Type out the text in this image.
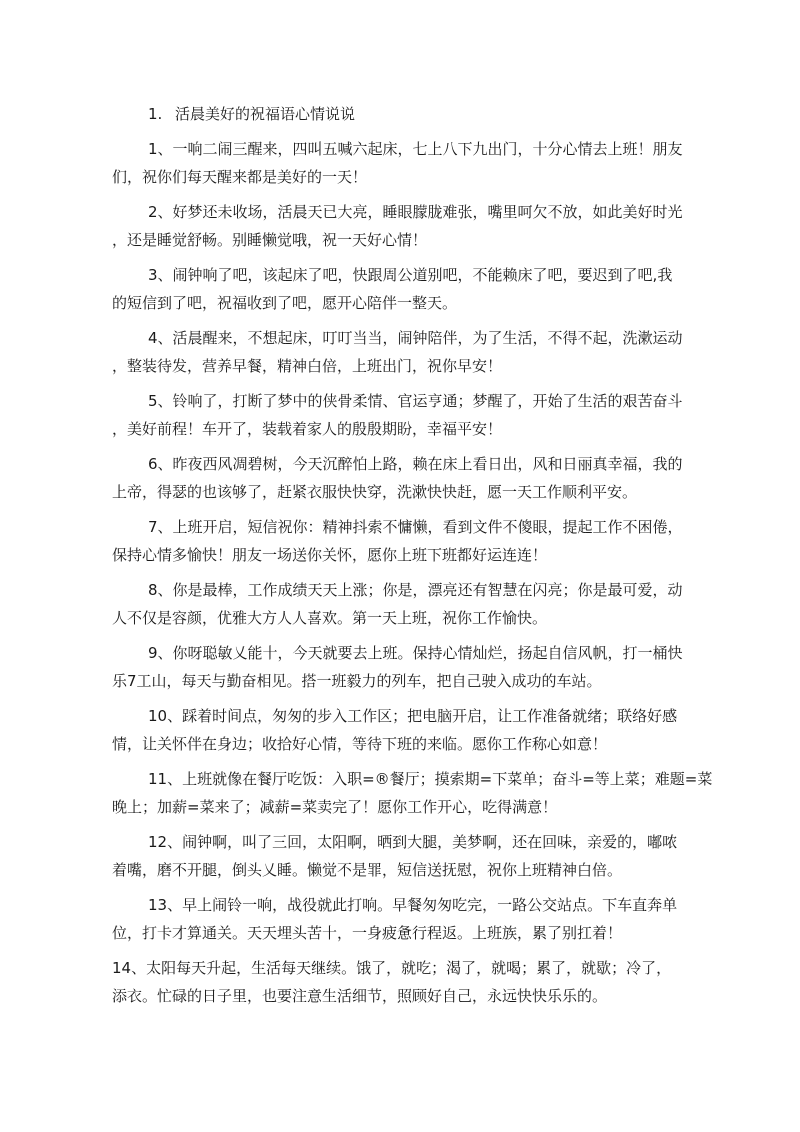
1. 活晨美好的祝福语心情说说
1、一响二闹三醒来，四叫五喊六起床，七上八下九出门，十分心情去上班！朋友
们，祝你们每天醒来都是美好的一天！
2、好梦还未收场，活晨天已大亮，睡眼朦胧难张，嘴里呵欠不放，如此美好时光
，还是睡觉舒畅。别睡懒觉哦，祝一天好心情！
3、闹钟响了吧，该起床了吧，快跟周公道别吧，不能赖床了吧，要迟到了吧,我
的短信到了吧，祝福收到了吧，愿开心陪伴一整天。
4、活晨醒来，不想起床，叮叮当当，闹钟陪伴，为了生活，不得不起，洗漱运动
，整装待发，营养早餐，精神白倍，上班出门，祝你早安！
5、铃响了，打断了梦中的侠骨柔情、官运亨通；梦醒了，开始了生活的艰苦奋斗
，美好前程！车开了，装载着家人的殷殷期盼，幸福平安！
6、昨夜西风凋碧树，今天沉醉怕上路，赖在床上看日出，风和日丽真幸福，我的
上帝，得瑟的也该够了，赶紧衣服快快穿，洗漱快快赶，愿一天工作顺利平安。
7、上班开启，短信祝你：精神抖索不慵懒，看到文件不傻眼，提起工作不困倦，
保持心情多愉快！朋友一场送你关怀，愿你上班下班都好运连连！
8、你是最棒，工作成绩天天上涨；你是，漂亮还有智慧在闪亮；你是最可爱，动
人不仅是容颜，优雅大方人人喜欢。第一天上班，祝你工作愉快。
9、你呀聪敏乂能十，今天就要去上班。保持心情灿烂，扬起自信风帆，打一桶快
乐7工山，每天与勤奋相见。搭一班毅力的列车，把自己驶入成功的车站。
10、踩着时间点，匆匆的步入工作区；把电脑开启，让工作准备就绪；联络好感
情，让关怀伴在身边；收拾好心情，等待下班的来临。愿你工作称心如意！
11、上班就像在餐厅吃饭：入职=®餐厅；摸索期=下菜单；奋斗=等上菜；难题=菜
晚上；加薪=菜来了；减薪=菜卖完了！愿你工作开心，吃得满意！
12、闹钟啊，叫了三回，太阳啊，晒到大腿，美梦啊，还在回味，亲爱的，嘟哝
着嘴，磨不开腿，倒头乂睡。懒觉不是罪，短信送抚慰，祝你上班精神白倍。
13、早上闹铃一响，战役就此打响。早餐匆匆吃完，一路公交站点。下车直奔单
位，打卡才算通关。天天埋头苦十，一身疲惫行程返。上班族，累了别扛着！
14、太阳每天升起，生活每天继续。饿了，就吃；渴了，就喝；累了，就歇；冷了，
添衣。忙碌的日子里，也要注意生活细节，照顾好自己，永远快快乐乐的。
